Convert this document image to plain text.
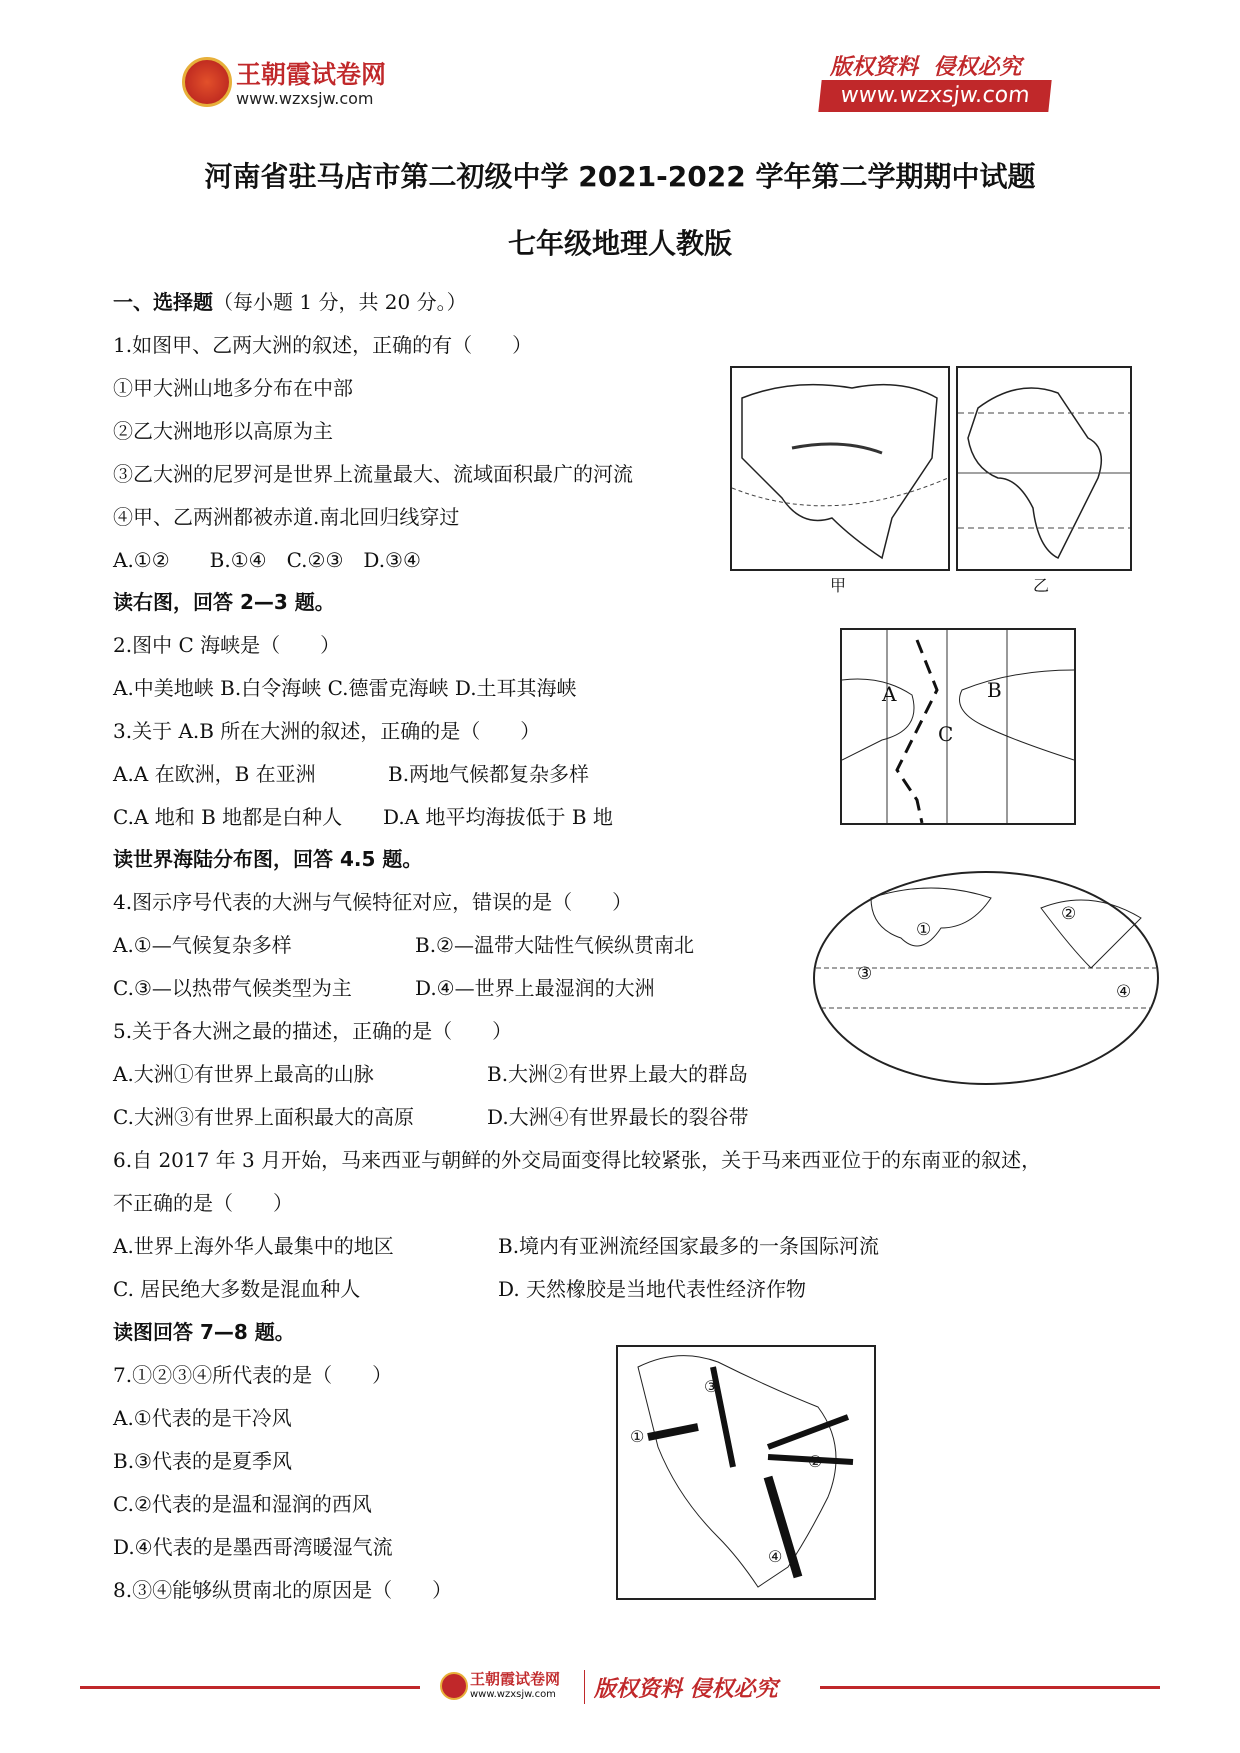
王朝霞试卷网
www.wzxsjw.com
版权资料  侵权必究
www.wzxsjw.com
河南省驻马店市第二初级中学 2021-2022 学年第二学期期中试题
七年级地理人教版
一、选择题（每小题 1 分，共 20 分。）
1.如图甲、乙两大洲的叙述，正确的有（　　）
①甲大洲山地多分布在中部
②乙大洲地形以高原为主
③乙大洲的尼罗河是世界上流量最大、流域面积最广的河流
④甲、乙两洲都被赤道.南北回归线穿过
A.①②　　B.①④　C.②③　D.③④
读右图，回答 2—3 题。
2.图中 C 海峡是（　　）
A.中美地峡 B.白令海峡 C.德雷克海峡 D.土耳其海峡
3.关于 A.B 所在大洲的叙述，正确的是（　　）
A.A 在欧洲，B 在亚洲	B.两地气候都复杂多样
C.A 地和 B 地都是白种人 D.A 地平均海拔低于 B 地
读世界海陆分布图，回答 4.5 题。
4.图示序号代表的大洲与气候特征对应，错误的是（　　）
A.①—气候复杂多样	B.②—温带大陆性气候纵贯南北
C.③—以热带气候类型为主	D.④—世界上最湿润的大洲
5.关于各大洲之最的描述，正确的是（　　）
A.大洲①有世界上最高的山脉	B.大洲②有世界上最大的群岛
C.大洲③有世界上面积最大的高原	D.大洲④有世界最长的裂谷带
6.自 2017 年 3 月开始，马来西亚与朝鲜的外交局面变得比较紧张，关于马来西亚位于的东南亚的叙述，
不正确的是（　　）
A.世界上海外华人最集中的地区	B.境内有亚洲流经国家最多的一条国际河流
C. 居民绝大多数是混血种人	D. 天然橡胶是当地代表性经济作物
读图回答 7—8 题。
7.①②③④所代表的是（　　）
A.①代表的是干冷风
B.③代表的是夏季风
C.②代表的是温和湿润的西风
D.④代表的是墨西哥湾暖湿气流
8.③④能够纵贯南北的原因是（　　）
甲	乙
A	B
C
①
②
③
④
①
②
③
④
王朝霞试卷网
www.wzxsjw.com 版权资料 侵权必究
